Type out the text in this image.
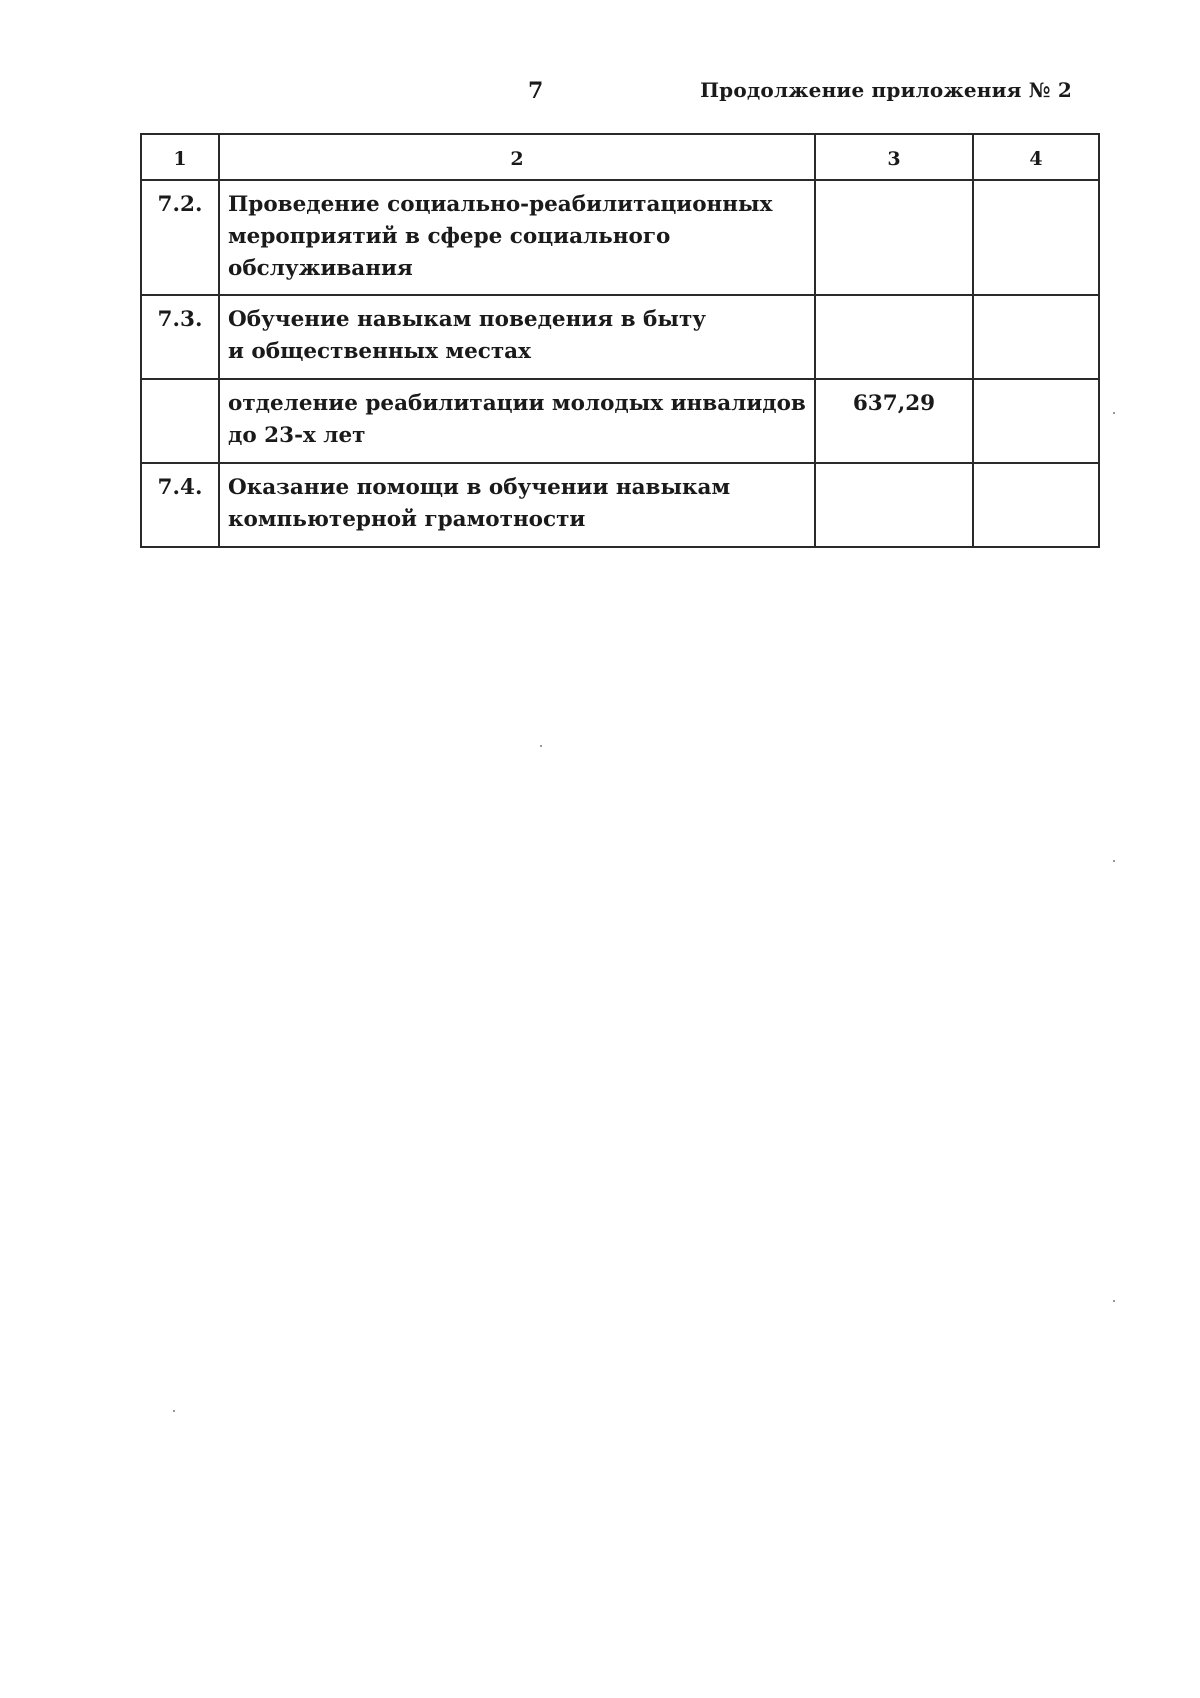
7	Продолжение приложения № 2
1	2	3	4
7.2.	Проведение социально-реабилитационных
мероприятий в сфере социального
обслуживания		
7.3.	Обучение навыкам поведения в быту
и общественных местах		
	отделение реабилитации молодых инвалидов
до 23-х лет	637,29	
7.4.	Оказание помощи в обучении навыкам
компьютерной грамотности		
